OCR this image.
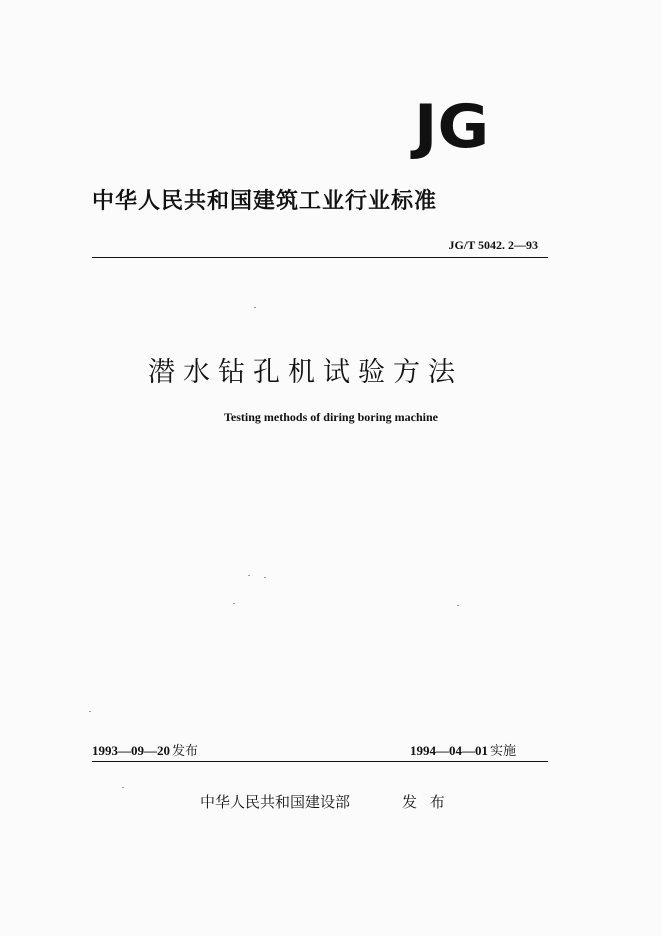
JG
中华人民共和国建筑工业行业标准
JG/T 5042. 2—93
潜水钻孔机试验方法
Testing methods of diring boring machine
1993—09—20 发布	1994—04—01 实施
中华人民共和国建设部	发 布
